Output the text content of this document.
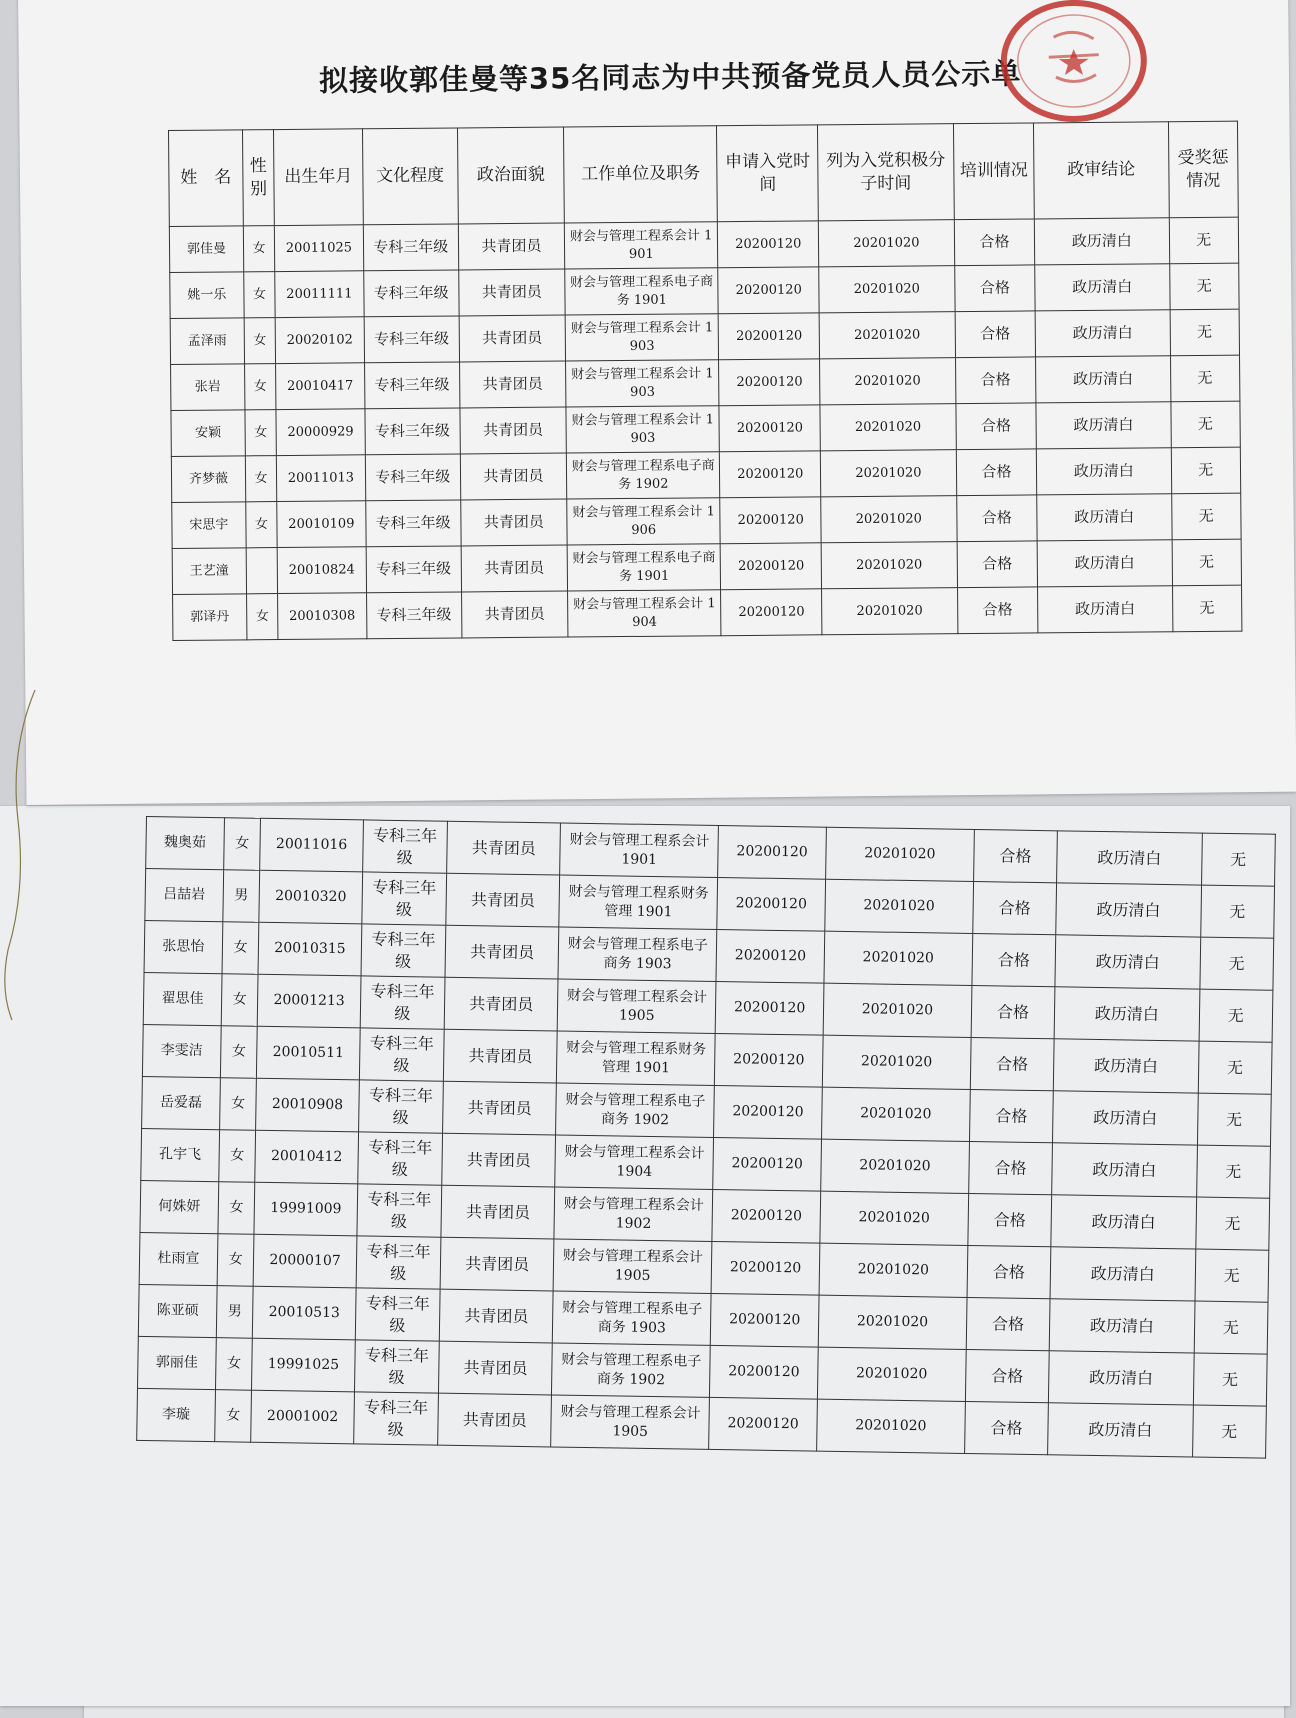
拟接收郭佳曼等35名同志为中共预备党员人员公示单
姓　名	性别	出生年月	文化程度	政治面貌	工作单位及职务	申请入党时　间	列为入党积极分子时间	培训情况	政审结论	受奖惩情况
郭佳曼	女	20011025	专科三年级	共青团员	财会与管理工程系会计 1901	20200120	20201020	合格	政历清白	无
姚一乐	女	20011111	专科三年级	共青团员	财会与管理工程系电子商务 1901	20200120	20201020	合格	政历清白	无
孟泽雨	女	20020102	专科三年级	共青团员	财会与管理工程系会计 1903	20200120	20201020	合格	政历清白	无
张岩	女	20010417	专科三年级	共青团员	财会与管理工程系会计 1903	20200120	20201020	合格	政历清白	无
安颖	女	20000929	专科三年级	共青团员	财会与管理工程系会计 1903	20200120	20201020	合格	政历清白	无
齐梦薇	女	20011013	专科三年级	共青团员	财会与管理工程系电子商务 1902	20200120	20201020	合格	政历清白	无
宋思宇	女	20010109	专科三年级	共青团员	财会与管理工程系会计 1906	20200120	20201020	合格	政历清白	无
王艺潼		20010824	专科三年级	共青团员	财会与管理工程系电子商务 1901	20200120	20201020	合格	政历清白	无
郭译丹	女	20010308	专科三年级	共青团员	财会与管理工程系会计 1904	20200120	20201020	合格	政历清白	无
魏奥茹	女	20011016	专科三年级	共青团员	财会与管理工程系会计 1901	20200120	20201020	合格	政历清白	无
吕喆岩	男	20010320	专科三年级	共青团员	财会与管理工程系财务管理 1901	20200120	20201020	合格	政历清白	无
张思怡	女	20010315	专科三年级	共青团员	财会与管理工程系电子商务 1903	20200120	20201020	合格	政历清白	无
翟思佳	女	20001213	专科三年级	共青团员	财会与管理工程系会计 1905	20200120	20201020	合格	政历清白	无
李雯洁	女	20010511	专科三年级	共青团员	财会与管理工程系财务管理 1901	20200120	20201020	合格	政历清白	无
岳爱磊	女	20010908	专科三年级	共青团员	财会与管理工程系电子商务 1902	20200120	20201020	合格	政历清白	无
孔宇飞	女	20010412	专科三年级	共青团员	财会与管理工程系会计 1904	20200120	20201020	合格	政历清白	无
何姝妍	女	19991009	专科三年级	共青团员	财会与管理工程系会计 1902	20200120	20201020	合格	政历清白	无
杜雨宣	女	20000107	专科三年级	共青团员	财会与管理工程系会计 1905	20200120	20201020	合格	政历清白	无
陈亚硕	男	20010513	专科三年级	共青团员	财会与管理工程系电子商务 1903	20200120	20201020	合格	政历清白	无
郭丽佳	女	19991025	专科三年级	共青团员	财会与管理工程系电子商务 1902	20200120	20201020	合格	政历清白	无
李璇	女	20001002	专科三年级	共青团员	财会与管理工程系会计 1905	20200120	20201020	合格	政历清白	无
